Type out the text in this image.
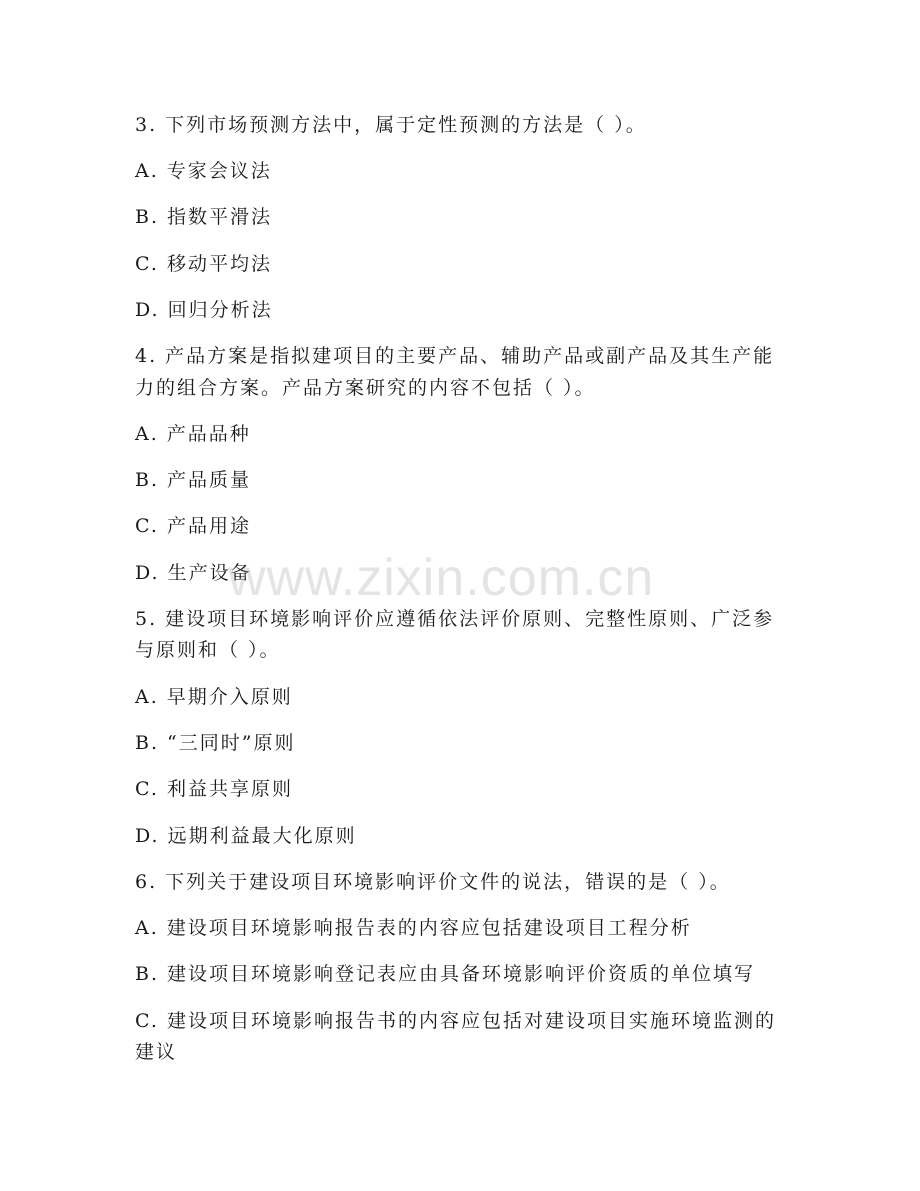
3. 下列市场预测方法中，属于定性预测的方法是（ ）。
A. 专家会议法
B. 指数平滑法
C. 移动平均法
D. 回归分析法
4. 产品方案是指拟建项目的主要产品、辅助产品或副产品及其生产能
力的组合方案。产品方案研究的内容不包括（ ）。
A. 产品品种
B. 产品质量
C. 产品用途
D. 生产设备
5. 建设项目环境影响评价应遵循依法评价原则、完整性原则、广泛参
与原则和（ ）。
A. 早期介入原则
B. “三同时”原则
C. 利益共享原则
D. 远期利益最大化原则
6. 下列关于建设项目环境影响评价文件的说法，错误的是（ ）。
A. 建设项目环境影响报告表的内容应包括建设项目工程分析
B. 建设项目环境影响登记表应由具备环境影响评价资质的单位填写
C. 建设项目环境影响报告书的内容应包括对建设项目实施环境监测的
建议
www.zixin.com.cn
